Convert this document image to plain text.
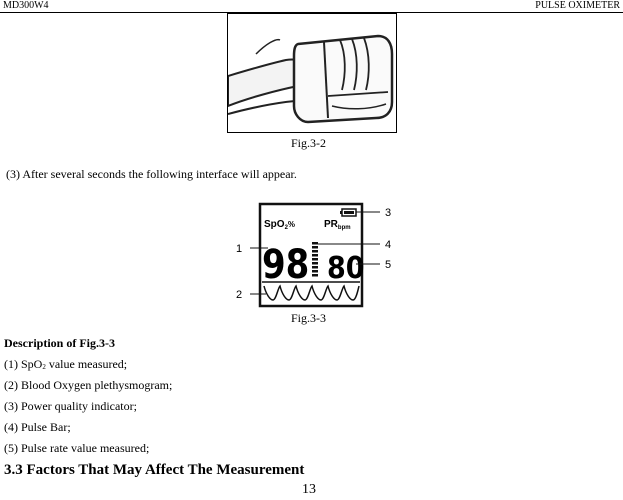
MD300W4	PULSE OXIMETER
Fig.3-2
(3) After several seconds the following interface will appear.
SpO$_2$%	$PR_{bpm}$
98 80
1
2
3
4
5
Fig.3-3
Description of Fig.3-3
(1) SpO2 value measured;
(2) Blood Oxygen plethysmogram;
(3) Power quality indicator;
(4) Pulse Bar;
(5) Pulse rate value measured;
3.3 Factors That May Affect The Measurement
13
